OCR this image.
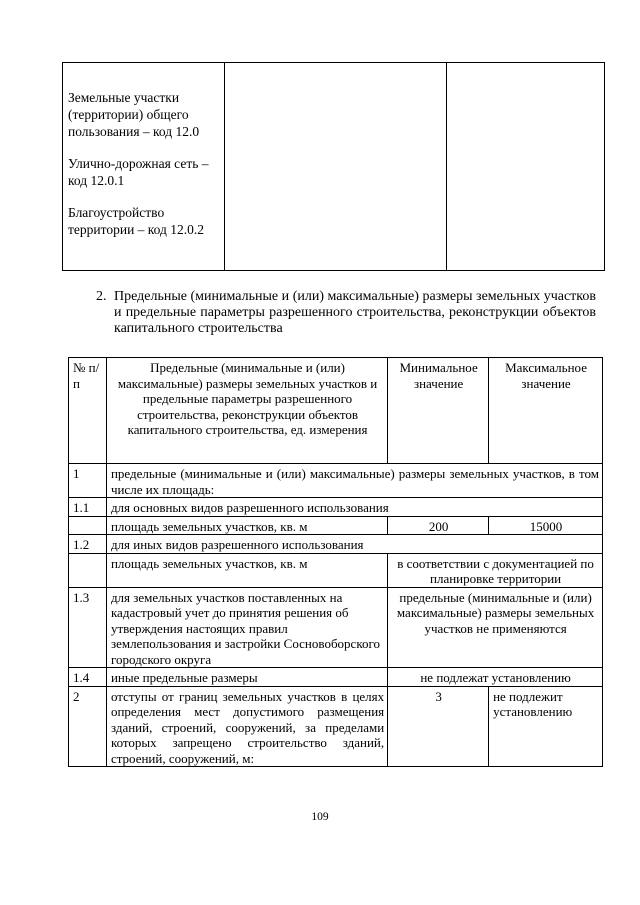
Земельные участки (территории) общего пользования – код 12.0

Улично-дорожная сеть – код 12.0.1

Благоустройство территории – код 12.0.2

2. Предельные (минимальные и (или) максимальные) размеры земельных участков и предельные параметры разрешенного строительства, реконструкции объектов капитального строительства
№ п/п	Предельные (минимальные и (или) максимальные) размеры земельных участков и предельные параметры разрешенного строительства, реконструкции объектов капитального строительства, ед. измерения	Минимальное значение	Максимальное значение
1	предельные (минимальные и (или) максимальные) размеры земельных участков, в том числе их площадь:		
1.1	для основных видов разрешенного использования		
	площадь земельных участков, кв. м	200	15000
1.2	для иных видов разрешенного использования		
	площадь земельных участков, кв. м	в соответствии с документацией по планировке территории	
1.3	для земельных участков поставленных на кадастровый учет до принятия решения об утверждения настоящих правил землепользования и застройки Сосновоборского городского округа	предельные (минимальные и (или) максимальные) размеры земельных участков не применяются	
1.4	иные предельные размеры	не подлежат установлению	
2	отступы от границ земельных участков в целях определения мест допустимого размещения зданий, строений, сооружений, за пределами которых запрещено строительство зданий, строений, сооружений, м:	3	не подлежит установлению
109
